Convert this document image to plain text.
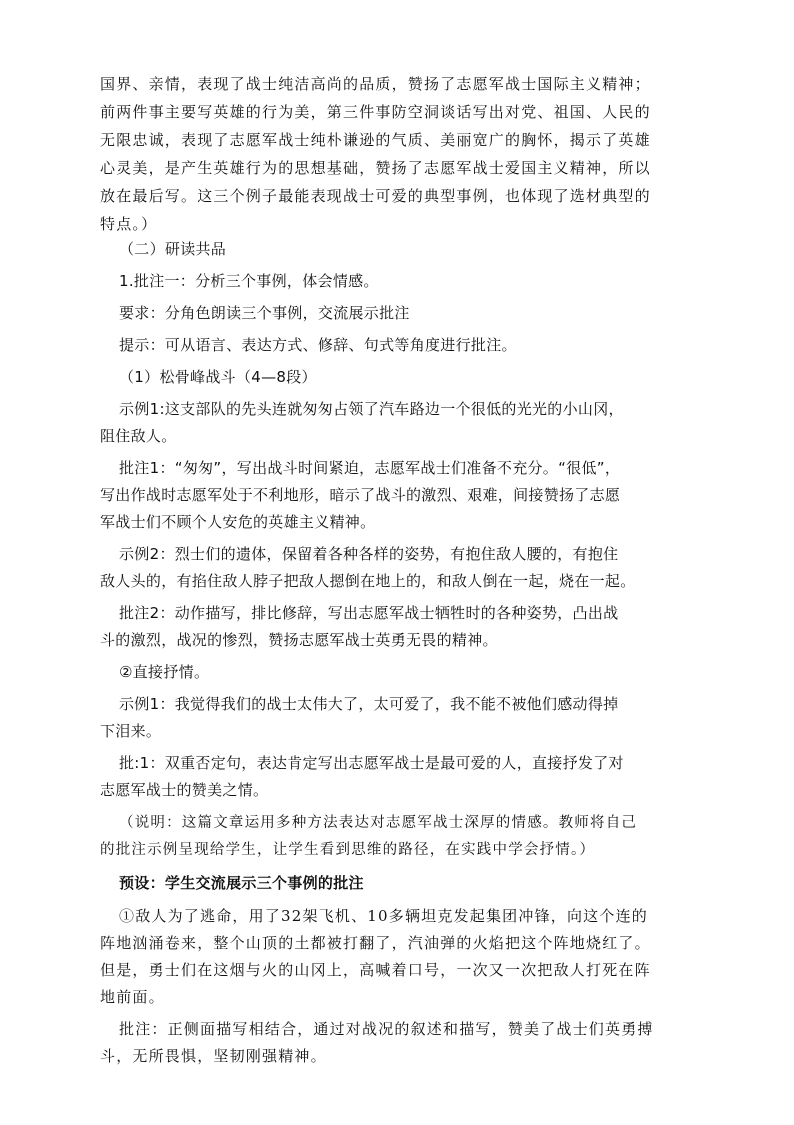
国界、亲情，表现了战士纯洁高尚的品质，赞扬了志愿军战士国际主义精神；
前两件事主要写英雄的行为美，第三件事防空洞谈话写出对党、祖国、人民的
无限忠诚，表现了志愿军战士纯朴谦逊的气质、美丽宽广的胸怀，揭示了英雄
心灵美，是产生英雄行为的思想基础，赞扬了志愿军战士爱国主义精神，所以
放在最后写。这三个例子最能表现战士可爱的典型事例，也体现了选材典型的
特点。）
（二）研读共品
1.批注一：分析三个事例，体会情感。
要求：分角色朗读三个事例，交流展示批注
提示：可从语言、表达方式、修辞、句式等角度进行批注。
（1）松骨峰战斗（4—8段）
示例1:这支部队的先头连就匆匆占领了汽车路边一个很低的光光的小山冈，
阻住敌人。
批注1：“匆匆”，写出战斗时间紧迫，志愿军战士们准备不充分。“很低”，
写出作战时志愿军处于不利地形，暗示了战斗的激烈、艰难，间接赞扬了志愿
军战士们不顾个人安危的英雄主义精神。
示例2：烈士们的遗体，保留着各种各样的姿势，有抱住敌人腰的，有抱住
敌人头的，有掐住敌人脖子把敌人摁倒在地上的，和敌人倒在一起，烧在一起。
批注2：动作描写，排比修辞，写出志愿军战士牺牲时的各种姿势，凸出战
斗的激烈，战况的惨烈，赞扬志愿军战士英勇无畏的精神。
②直接抒情。
示例1：我觉得我们的战士太伟大了，太可爱了，我不能不被他们感动得掉
下泪来。
批:1：双重否定句，表达肯定写出志愿军战士是最可爱的人，直接抒发了对
志愿军战士的赞美之情。
（说明：这篇文章运用多种方法表达对志愿军战士深厚的情感。教师将自己
的批注示例呈现给学生，让学生看到思维的路径，在实践中学会抒情。）
预设：学生交流展示三个事例的批注
①敌人为了逃命，用了32架飞机、10多辆坦克发起集团冲锋，向这个连的
阵地汹涌卷来，整个山顶的土都被打翻了，汽油弹的火焰把这个阵地烧红了。
但是，勇士们在这烟与火的山冈上，高喊着口号，一次又一次把敌人打死在阵
地前面。
批注：正侧面描写相结合，通过对战况的叙述和描写，赞美了战士们英勇搏
斗，无所畏惧，坚韧刚强精神。
